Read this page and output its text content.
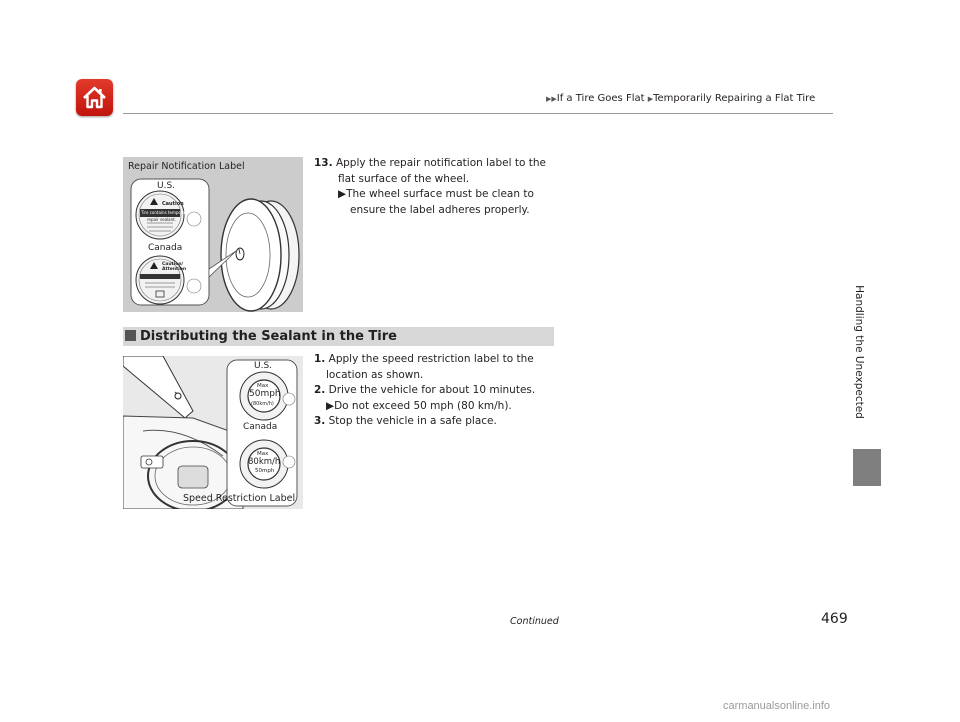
▶▶If a Tire Goes Flat ▶Temporarily Repairing a Flat Tire
Handling the Unexpected
Repair Notification Label
U.S.
Canada
Caution
Tire contains temporary
repair sealant.
Caution/
Attention
13. Apply the repair notification label to the flat surface of the wheel.
▶The wheel surface must be clean to ensure the label adheres properly.
Distributing the Sealant in the Tire
U.S.
Canada
Max
50mph
(80km/h)
Max
80km/h
50mph
Speed Restriction Label
1. Apply the speed restriction label to the location as shown.
2. Drive the vehicle for about 10 minutes.
▶Do not exceed 50 mph (80 km/h).
3. Stop the vehicle in a safe place.
Continued	469
carmanualsonline.info
